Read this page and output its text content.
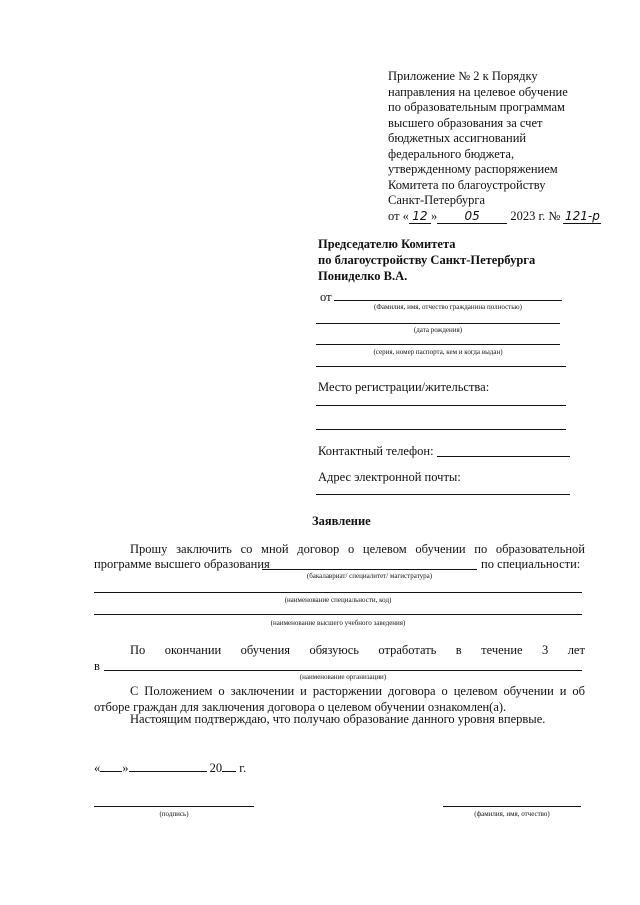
Приложение № 2 к Порядку
направления на целевое обучение
по образовательным программам
высшего образования за счет
бюджетных ассигнований
федерального бюджета,
утвержденному распоряжением
Комитета по благоустройству
Санкт-Петербурга
от « 12 » 05 2023 г. № 121-р
Председателю Комитета
по благоустройству Санкт-Петербурга
Пониделко В.А.
от
(Фамилия, имя, отчество гражданина полностью)
(дата рождения)
(серия, номер паспорта, кем и когда выдан)
Место регистрации/жительства:
Контактный телефон:
Адрес электронной почты:
Заявление
Прошу заключить со мной договор о целевом обучении по образовательной
программе высшего образования	по специальности:
(бакалавриат/ специалитет/ магистратура)
(наименование специальности, код)
(наименование высшего учебного заведения)
По окончании обучения обязуюсь отработать в течение 3 лет
в
(наименование организации)
С Положением о заключении и расторжении договора о целевом обучении и об отборе граждан для заключения договора о целевом обучении ознакомлен(а).
Настоящим подтверждаю, что получаю образование данного уровня впервые.
« »	20 г.
(подпись)	(фамилия, имя, отчество)
